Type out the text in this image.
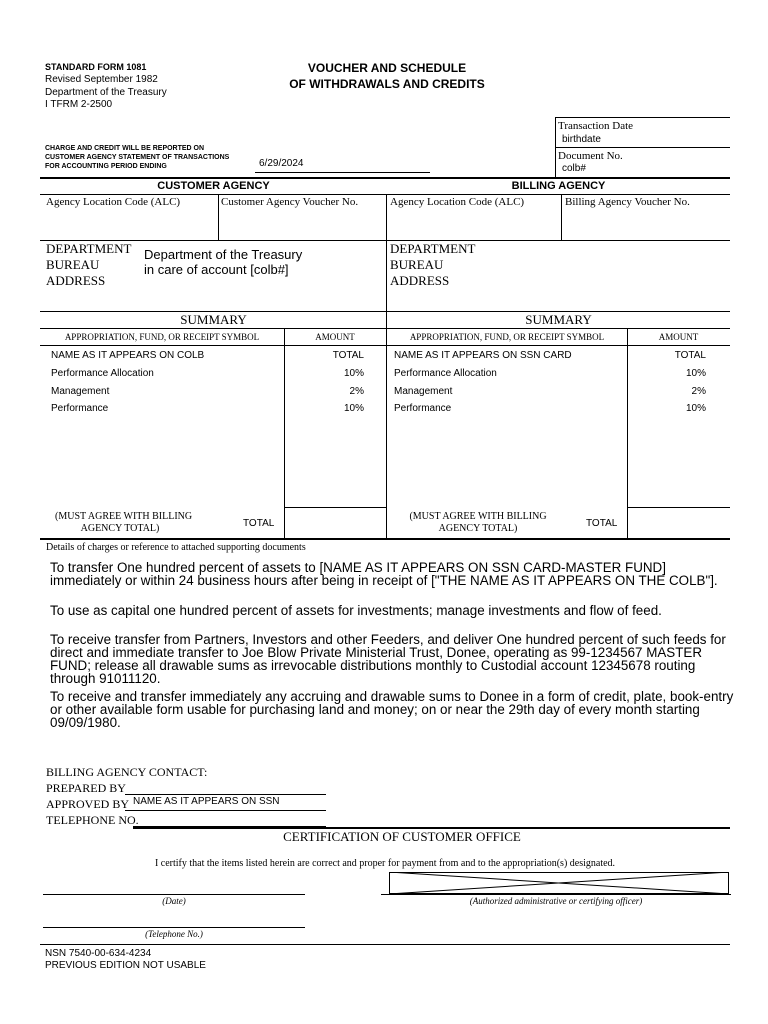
STANDARD FORM 1081
Revised September 1982
Department of the Treasury
I TFRM 2-2500
VOUCHER AND SCHEDULE
OF WITHDRAWALS AND CREDITS
CHARGE AND CREDIT WILL BE REPORTED ON
CUSTOMER AGENCY STATEMENT OF TRANSACTIONS
FOR ACCOUNTING PERIOD ENDING	6/29/2024
Transaction Date
birthdate
Document No.
colb#
CUSTOMER AGENCY	BILLING AGENCY
Agency Location Code (ALC)	Customer Agency Voucher No.	Agency Location Code (ALC)	Billing Agency Voucher No.
DEPARTMENT
BUREAU
ADDRESS
Department of the Treasury
in care of account [colb#]
DEPARTMENT
BUREAU
ADDRESS
SUMMARY	SUMMARY
APPROPRIATION, FUND, OR RECEIPT SYMBOL	AMOUNT	APPROPRIATION, FUND, OR RECEIPT SYMBOL	AMOUNT
NAME AS IT APPEARS ON COLB	TOTAL
Performance Allocation	10%
Management	2%
Performance	10%
NAME AS IT APPEARS ON SSN CARD	TOTAL
Performance Allocation	10%
Management	2%
Performance	10%
(MUST AGREE WITH BILLING
AGENCY TOTAL)	TOTAL
(MUST AGREE WITH BILLING
AGENCY TOTAL)	TOTAL
Details of charges or reference to attached supporting documents
To transfer One hundred percent of assets to [NAME AS IT APPEARS ON SSN CARD-MASTER FUND] immediately or within 24 business hours after being in receipt of ["THE NAME AS IT APPEARS ON THE COLB"].
To use as capital one hundred percent of assets for investments; manage investments and flow of feed.
To receive transfer from Partners, Investors and other Feeders, and deliver One hundred percent of such feeds for direct and immediate transfer to Joe Blow Private Ministerial Trust, Donee, operating as 99-1234567 MASTER FUND; release all drawable sums as irrevocable distributions monthly to Custodial account 12345678 routing through 91011120.
To receive and transfer immediately any accruing and drawable sums to Donee in a form of credit, plate, book-entry or other available form usable for purchasing land and money; on or near the 29th day of every month starting 09/09/1980.
BILLING AGENCY CONTACT:
PREPARED BY
APPROVED BY NAME AS IT APPEARS ON SSN
TELEPHONE NO.
CERTIFICATION OF CUSTOMER OFFICE
I certify that the items listed herein are correct and proper for payment from and to the appropriation(s) designated.
(Date)	(Authorized administrative or certifying officer)
(Telephone No.)
NSN 7540-00-634-4234
PREVIOUS EDITION NOT USABLE
